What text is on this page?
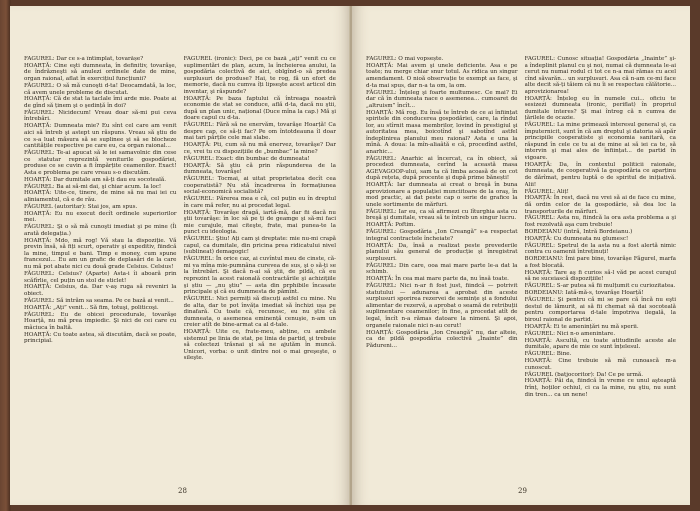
FĂGUREL: Dar ce s-a întîmplat, tovarășe?

HOARȚĂ: Cine eşti dumneata, în definitiv, tovarăşe, de îndrăzneşti să anulezi ordinele date de mine, organ raional, aflat în exercițiul funcțiunii?

FĂGUREL: O să mă cunoşti d-ta! Deocamdată, la loc, că avem unele probleme de discutat.

HOARȚĂ: Că de stat la taclale îmi arde mie. Poate ai de gînd să ținem şi o şedință în doi?

FĂGUREL: Nicidecum! Vreau doar să-mi pui ceva întrebări.

HOARȚĂ: Dumneata mie? Eu sînt cel care am venit aici să întreb şi astept un răspuns. Vreau să ştiu de ce s-a luat măsura să se suplinee şi să se blocheze cantitățile respective pe care eu, ca organ raional...

FĂGUREL: Te-ai apucat să le iei samavolnic din cese ce statutar reprezintă veniturile gospodăriei, produse ce se cuvin a fi împărțite ceamenilor. Exact! Asta e problema pe care vreau s-o discutăm.

HOARȚĂ: Dar dumitale am să-ți dau eu socoteală.

FĂGUREL: Ba ai să-mi dai, şi chiar acum. Ia loc!

HOARȚĂ: Uite-ce, tinere, de mine să nu mai iei cu aliniamentul, că e de rău.

FĂGUREL (autoritar): Stai jos, am spus.

HOARȚĂ: Eu nu execut decît ordinele superiorilor mei.

FĂGUREL: Şi o să mă cunoşti imediat şi pe mine (Îi arată delegația.)

HOARȚĂ: Mdo, mă rog! Vă stau la dispoziție. Vă previn însă, să fiți scurt, operativ şi expeditiv, fiindcă la mine, timpul e bani. Timp e money, cum spune francezul... Eu am un grafic de deplasări de la care nu mă pot abate nici cu două grade Celsius. Celsius!

FĂGUREL: Celsius? (Aparte) Asta-i îi aboară prin scăfîrlie, cel puțin un stol de sticlet!

HOARȚĂ: Celsius, da. Dar v-aş ruga să reveniri la obiect.

FĂGUREL: Să intrăm sa seama. Pe ce bază ai venit...

HOARȚĂ: „Ați” venit... Să fim, totuşi, politicoşi.

FĂGUREL: Eu de obicei procedurale, tovarăşe Hoarță, nu mă prea impiedic. Şi nici de cei care cu mâciuca în baltă.

HOARȚĂ: Cu toate astea, să discutăm, dacă se poate, principial.

FĂGUREL (ironic): Deci, pe ce bază „ați” venit cu ce suplimentări de plan, acum, la încheierea anului, la gospodăria colectivă de aici, oblgînd-o să predea surplusuri de produse? Hai, te rog, fă un efort de memorie, dacă nu cumva îți lipseşte acest articol din inventar, şi răspunde?

HOARȚĂ: Pe baza faptului că întreaga noastră economie de stat se conduce, află d-ta, dacă nu ştii, după un plan unic, național (Duce mîna la cap.) Mă şi doare capul cu d-ta.

FĂGUREL: Fără să ne enervăm, tovarăşe Hoarță! Ca despre cap, ce să-ți fac? Pe om întotdeauna îl doar mai tari părțile cele mai slabe.

HOARȚĂ: Pti, cum să nu mă enervez, tovarăşe? Dar ce, vrei tu cu dispozițiile de „bumbac” la mine?

FĂGUREL: Exact: din bumbac de dumneata!

HOARȚĂ: Să ştiu că prin răspunderea de la dumneata, tovarăşe!

FĂGUREL: Tocmai, ai uitat proprietatea decît cea cooperatistă? Nu stă încadrerea în formațiunea social-economică socialistă?

FĂGUREL: Părerea mea e că, cel puțin eu în dreptul în care mă refer, nu ai procedat legal.

HOARȚĂ: Tovarăşe dragă, iartă-mă, dar fii dacă nu ştii tovarăşe: în loc să pe ți de geamge şi să-mi faci mie curajule, mai citeşte, frate, mai punea-te la punct cu ideologia.

FĂGUREL: Ştiu! Ați cam şi dreptate: mie nu-mi crapă capul, ca dumitale, din pricina prea ridicatului nivel (sublineat) demagogic!

FĂGUREL: În orice caz, ai cuvîntul meu de cinste, că-mi va mîna mie-pumnâna curevea de sus, şi o să-ți se la întrebări. Şi dacă n-ai să ştii, de pildă, că eu reprezint la acest raională contractările şi achizițiile şi știu — „nu ştiu” — asta din prphibile încasate principale şi că eu dummesta de pămînt.

FĂGUREL: Nici permiți să discuți astfel cu mine. Nu de alta, dar te pot învăța imediat să închizi ușa pe dinafară. Cu toate că, recunosc, eu nu ştiu că dumneata, o asemenea eminență cenuşie, n-am un creier atît de bine-armat ca al d-tale.

HOARȚĂ: Uite ce, frate-meu, abține, cu ambele sistemul pe linia de stat, pe linia de partid, şi trebuie să colectezi trăsnai şi să ne ajutăm în muncă. Unicori, vorba: o unit dintre noi o mai greşeşte, o sileşte.

28

FĂGUREL: O mai vopsește.

HOARȚĂ: Mai avem şi unele deficiente. Asa e pe toate; nu merge chiar snur totul. As ridica un singur amendament. O nioă observație te exempt as face, şi d-ta mai spus, dar n-a ta om, la om.

FĂGUREL: Înțeleg şi foarte multumesc. Ce mai? Ei dar că în dumneata nace o asemenea... cumoaret de „altruism” încît...

HOARȚĂ: Mă rog. Eu însă te întreb de ce ai înființat spiritele din conducerea gospodăriei, care, la rîndul lor, au stîrnit masa membrilor, lovind în prestigiul şi autoritatea mea, boicotînd şi sabotînd astfel îndeplinirea planului meu raional? Asta e una la mînă. A doua: la mîn-aliaâtă e că, procedînd astfel, anarhic...

FĂGUREL: Anarhic ai încercat, ca în obiect, să procedezi dumneata, cerînd la această masa AGEVAGOOP-ului, sam ta că limba acoasă de on cot după rețeta, după procente şi după prime bănești!

HOARȚĂ: Iar dumneata ai creat o breşă în buna aprovizionare a populației munciitoare de la oraş, în mod practic, ai dat peste cap o serie de grafice la unele sortimente de mărfuri.

FĂGUREL: Iar eu, ca să afirmezi cu lîturghia asta cu breşă şi dumitale, vreau să te întreb un singur lucru.

HOARȚĂ: Poftim.

FĂGUREL: Gospodăria „Ion Creangă” s-a respectat integral contractele încheiate?

HOARȚĂ: Da, însă a realizat peste prevederile planului său general de producție şi înregistrat surplusuri.

FĂGUREL: Din care, ooa mai mare parte le-a dat la schimb.

HOARȚĂ: În cea mai mare parte da, nu însă toate.

FĂGUREL: Nici n-ar fi fost just, fiindcă — potrivit statutului — adunarea a aprobat din aceste surplusuri sporirea rezervei de semințe şi a fondului alimentar de rezervă, a aprobat o seamă de retribuții suplimentare ceamenilor; în fine, a procedat atît de legal, încît n-a rămas datoare la nimeni. Şi apoi, organele raionale nici n-au cerut!

HOARȚĂ: Gospodăria „Ion Creangă” nu, dar alteie, ca de pildă gospodăria colectivă „Înainte” din Pădureni...

FĂGUREL: Cunosc situația! Gospodăria „Înainte” şi-a îndeplinit planul cu şi noi, numai că dumneata le-ai cerut nu numai rodul ci tot ce n-a mai rămas cu acel cînd săvarăn... un surplusuri. Asa că n-am ce-mi face alte decit să-ți tăiem că nu îi se respectau călătorie... aprovizionarea!

HOARȚĂ: Înțeleg eu în numele cui... oficiu te sesizezi dumneata (ironic, periflat) în propriul dumitale interes? Şi mai întreg că n cumva de țărilele de ocazie.

FĂGUREL: La mine primează interesul general şi, ca împuternicit, sunt în că am dreptul şi datoria să apăr principiile cooperatiste şi economia sanitară, ca răspund în cele ce tu ai de mine ai să iei ca te, să intervin şi mai ales de înființat... de partid în vigoare.

HOARȚĂ: Da, în contextul politicii raionale, dumneata, de cooperativă la gospodăria ce aparținu de dărîmat, pentru luptă o de spiritul de inițiativă. Alii!

FĂGUREL: Aliț!

HOARȚĂ: În rest, dacă nu vrei să ai de face cu mine, dă ordin celor de la gospodărie, să dea loc la transporturile de mărfuri.

FĂGUREL: Asta nu, fiindcă la ora asta problema a şi fost rezolvată aşa cum trebuie!

BORDEIANU (intră, Intră Bordeianu.)

HOARȚĂ: Cu dumneata nu glumesc!

FĂGUREL: Spetrul de la asta nu a fost alertă nimic contra cu oamenii întreținuți!

BORDEIANU: Îmi pare bine, tovarășe Făgurel, marfa a fost blocată.

HOARȚĂ: Tare aş fi curios să-l văd pe acest curajul să ne suceiască dispozițiile!

FĂGUREL: S-ar putea să fii mulțumit cu curiozitatea.

BORDEIANU: Iată-mă-s, tovarăşe Hoarță!

FĂGUREL: Şi pentru că mi se pare că încă nu eşti destul de lămurit, ai să fii chemat să dai socoteală pentru comportarea d-tale împotriva ilegală, la biroul raional de partid.

HOARȚĂ: Ei te amenințări nu mă sperii.

FĂGUREL: Nici n-o amenintare.

HOARȚĂ: Ascultă, cu toate atitudinile aceste ale dumitale, apare de mie ce sunt înțelesul.

FĂGUREL: Bine.

HOARȚĂ: Cine trebuie să mă cunoască m-a cunoscut.

FĂGUREL (batjocoritor): Da! Ce pe urmă.

HOARȚĂ: Păi da, fiindcă în vreme ce unul aşteaptă frînț, hoților ochiul, ci ca la mine, nu ştiu, nu sunt din tren... ca un nene!

29
